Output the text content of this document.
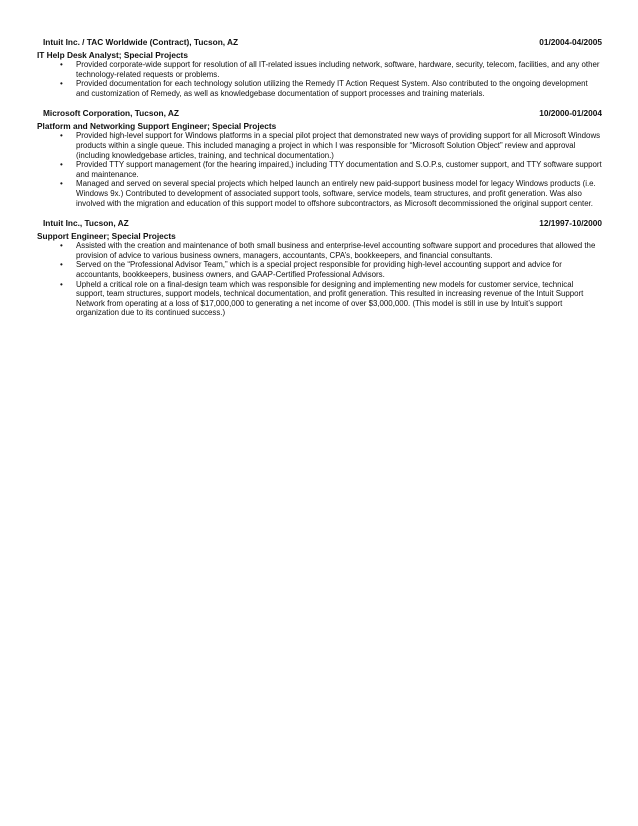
Intuit Inc. / TAC Worldwide (Contract), Tucson, AZ	01/2004-04/2005
IT Help Desk Analyst; Special Projects
• Provided corporate-wide support for resolution of all IT-related issues including network, software, hardware, security, telecom, facilities, and any other technology-related requests or problems.
• Provided documentation for each technology solution utilizing the Remedy IT Action Request System. Also contributed to the ongoing development and customization of Remedy, as well as knowledgebase documentation of support processes and training materials.
Microsoft Corporation, Tucson, AZ	10/2000-01/2004
Platform and Networking Support Engineer; Special Projects
• Provided high-level support for Windows platforms in a special pilot project that demonstrated new ways of providing support for all Microsoft Windows products within a single queue. This included managing a project in which I was responsible for “Microsoft Solution Object” review and approval (including knowledgebase articles, training, and technical documentation.)
• Provided TTY support management (for the hearing impaired,) including TTY documentation and S.O.P.s, customer support, and TTY software support and maintenance.
• Managed and served on several special projects which helped launch an entirely new paid-support business model for legacy Windows products (i.e. Windows 9x.) Contributed to development of associated support tools, software, service models, team structures, and profit generation. Was also involved with the migration and education of this support model to offshore subcontractors, as Microsoft decommissioned the original support center.
Intuit Inc., Tucson, AZ	12/1997-10/2000
Support Engineer; Special Projects
• Assisted with the creation and maintenance of both small business and enterprise-level accounting software support and procedures that allowed the provision of advice to various business owners, managers, accountants, CPA’s, bookkeepers, and financial consultants.
• Served on the “Professional Advisor Team,” which is a special project responsible for providing high-level accounting support and advice for accountants, bookkeepers, business owners, and GAAP-Certified Professional Advisors.
• Upheld a critical role on a final-design team which was responsible for designing and implementing new models for customer service, technical support, team structures, support models, technical documentation, and profit generation. This resulted in increasing revenue of the Intuit Support Network from operating at a loss of $17,000,000 to generating a net income of over $3,000,000. (This model is still in use by Intuit’s support organization due to its continued success.)
